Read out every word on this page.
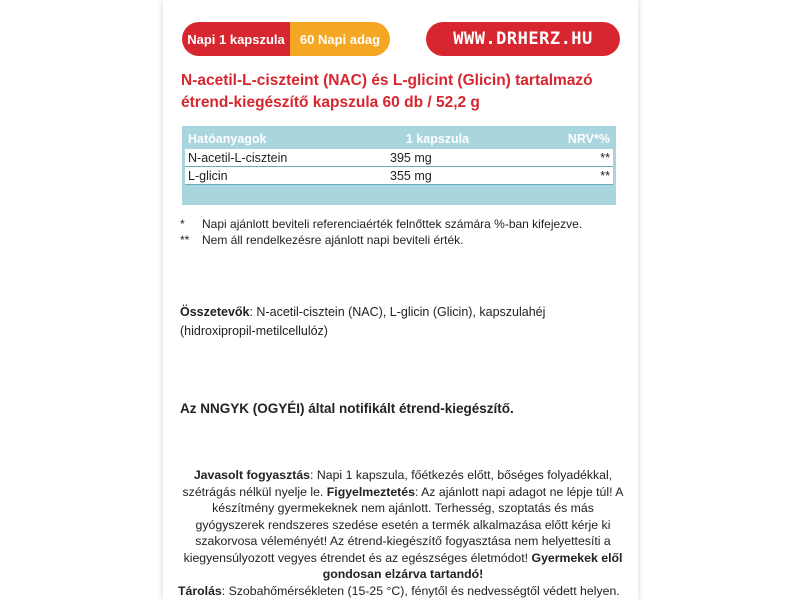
Napi 1 kapszula	60 Napi adag	WWW.DRHERZ.HU
N-acetil-L-ciszteint (NAC) és L-glicint (Glicin) tartalmazó
étrend-kiegészítő kapszula 60 db / 52,2 g
Hatóanyagok	1 kapszula	NRV*%
N-acetil-L-cisztein	395 mg	**
L-glicin	355 mg	**
*	Napi ajánlott beviteli referenciaérték felnőttek számára %-ban kifejezve.
**	Nem áll rendelkezésre ajánlott napi beviteli érték.
Összetevők: N-acetil-cisztein (NAC), L-glicin (Glicin), kapszulahéj (hidroxipropil-metilcellulóz)
Az NNGYK (OGYÉI) által notifikált étrend-kiegészítő.
Javasolt fogyasztás: Napi 1 kapszula, főétkezés előtt, bőséges folyadékkal, szétrágás nélkül nyelje le. Figyelmeztetés: Az ajánlott napi adagot ne lépje túl! A készítmény gyermekeknek nem ajánlott. Terhesség, szoptatás és más gyógyszerek rendszeres szedése esetén a termék alkalmazása előtt kérje ki szakorvosa véleményét! Az étrend-kiegészítő fogyasztása nem helyettesíti a kiegyensúlyozott vegyes étrendet és az egészséges életmódot! Gyermekek elől gondosan elzárva tartandó!
Tárolás: Szobahőmérsékleten (15-25 °C), fénytől és nedvességtől védett helyen.
